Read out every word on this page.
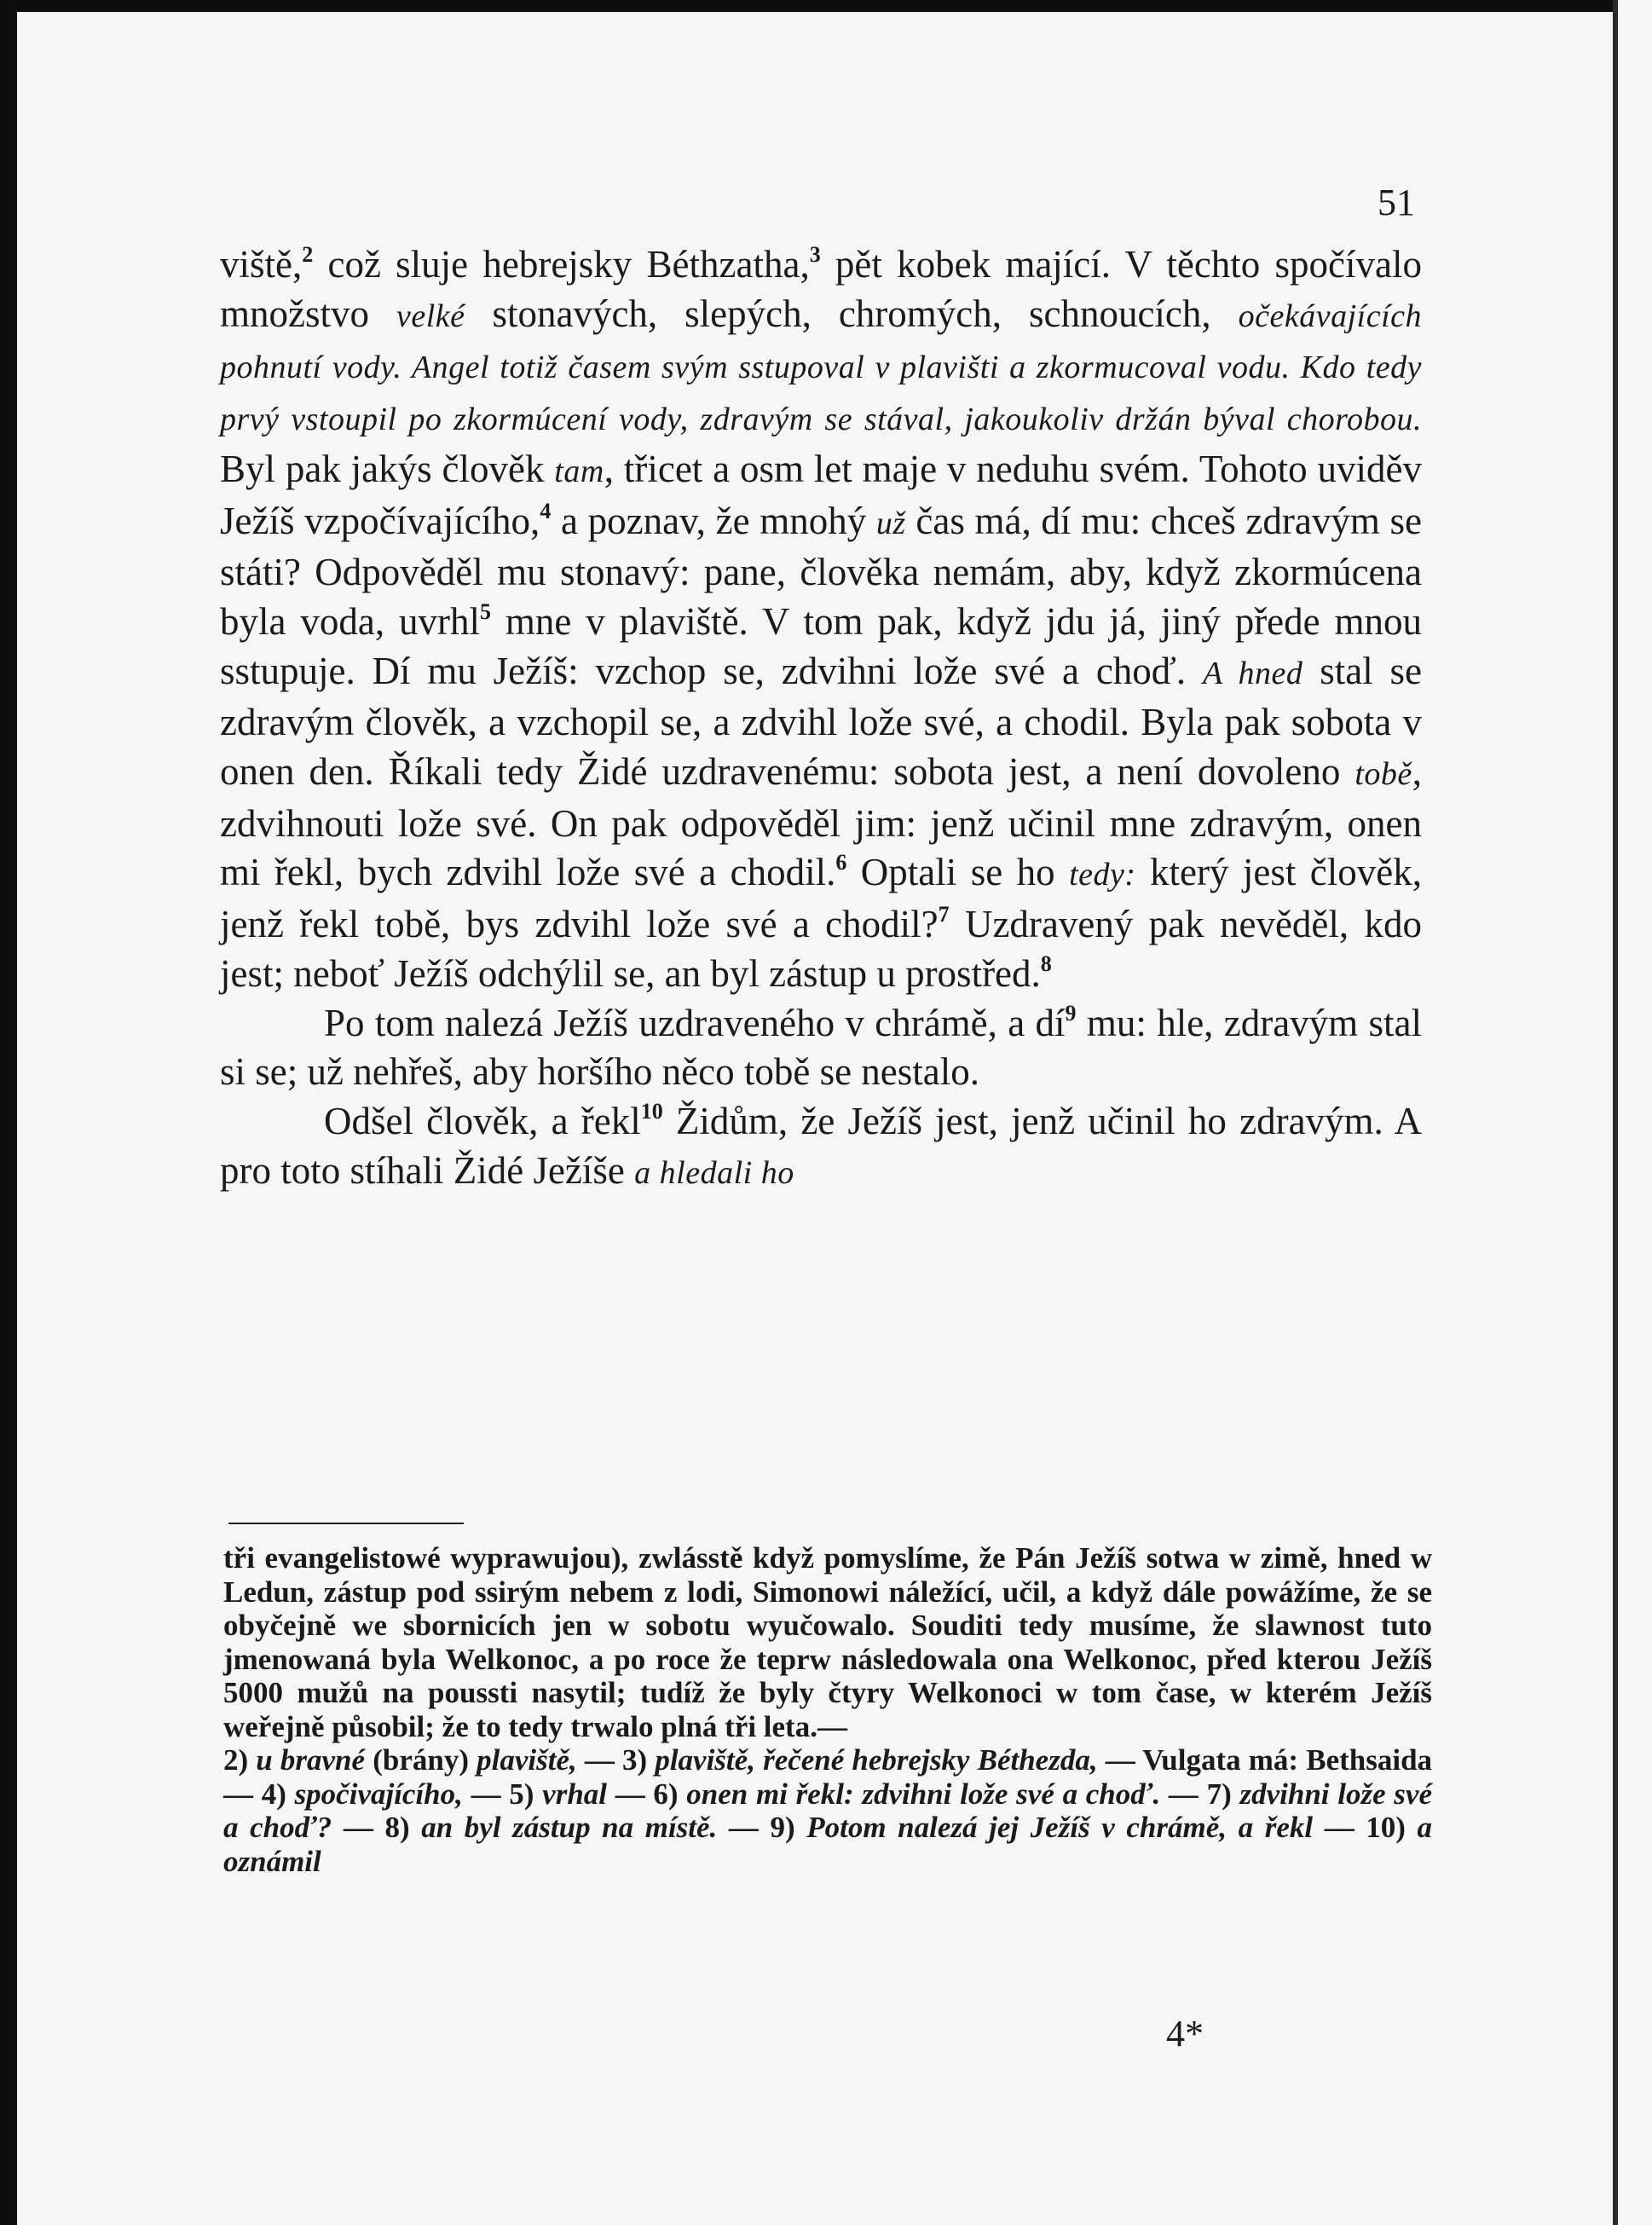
51

viště,$^2$ což sluje hebrejsky Béthzatha,$^3$ pět kobek mající. V těchto spočívalo množstvo velké stonavých, slepých, chromých, schnoucích, očekávajících pohnutí vody. Angel totiž časem svým sstupoval v plavišti a zkormucoval vodu. Kdo tedy prvý vstoupil po zkormúcení vody, zdravým se stával, jakoukoliv držán býval chorobou. Byl pak jakýs člověk tam, třicet a osm let maje v neduhu svém. Tohoto uviděv Ježíš vzpočívajícího,$^4$ a poznav, že mnohý už čas má, dí mu: chceš zdravým se státi? Odpověděl mu stonavý: pane, člověka nemám, aby, když zkormúcena byla voda, uvrhl$^5$ mne v plaviště. V tom pak, když jdu já, jiný přede mnou sstupuje. Dí mu Ježíš: vzchop se, zdvihni lože své a choď. A hned stal se zdravým člověk, a vzchopil se, a zdvihl lože své, a chodil. Byla pak sobota v onen den. Říkali tedy Židé uzdravenému: sobota jest, a není dovoleno tobě, zdvihnouti lože své. On pak odpověděl jim: jenž učinil mne zdravým, onen mi řekl, bych zdvihl lože své a chodil.$^6$ Optali se ho tedy: který jest člověk, jenž řekl tobě, bys zdvihl lože své a chodil?$^7$ Uzdravený pak nevěděl, kdo jest; neboť Ježíš odchýlil se, an byl zástup u prostřed.$^8$

Po tom nalezá Ježíš uzdraveného v chrámě, a $dí^9$ mu: hle, zdravým stal si se; už nehřeš, aby horšího něco tobě se nestalo.

Odšel člověk, a řekl$^{10}$ Židům, že Ježíš jest, jenž učinil ho zdravým. A pro toto stíhali Židé Ježíše a hledali ho

tři evangelistowé wyprawujou), zwlásstě když pomyslíme, že Pán Ježíš sotwa w zimě, hned w Ledun, zástup pod ssirým nebem z lodi, Simonowi náležící, učil, a když dále powážíme, že se obyčejně we sbornicích jen w sobotu wyučowalo. Souditi tedy musíme, že slawnost tuto jmenowaná byla Welkonoc, a po roce že teprw následowala ona Welkonoc, před kterou Ježíš 5000 mužů na poussti nasytil; tudíž že byly čtyry Welkonoci w tom čase, w kterém Ježíš weřejně působil; že to tedy trwalo plná tři leta.—

2) u bravné (brány) plaviště, — 3) plaviště, řečené hebrejsky Béthezda, — Vulgata má: Bethsaida — 4) spočivajícího, — 5) vrhal — 6) onen mi řekl: zdvihni lože své a choď. — 7) zdvihni lože své a choď? — 8) an byl zástup na místě. — 9) Potom nalezá jej Ježíš v chrámě, a řekl — 10) a oznámil

4*
